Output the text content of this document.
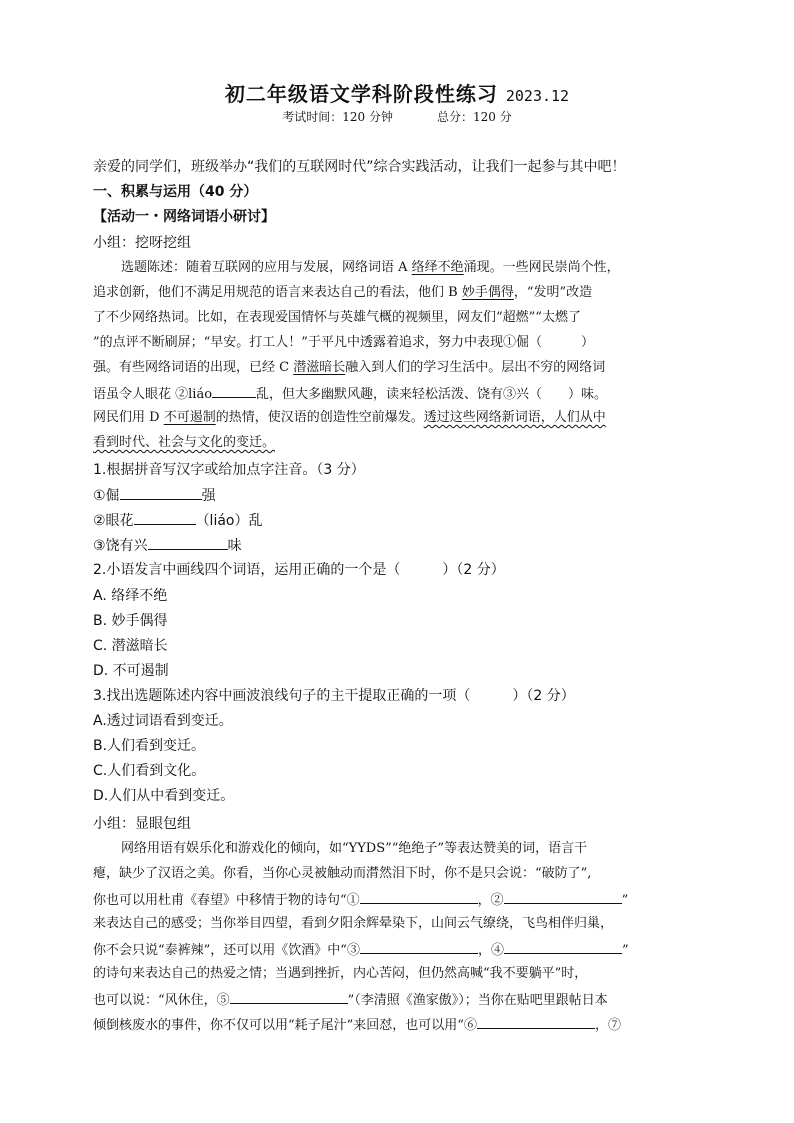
初二年级语文学科阶段性练习 2023.12
考试时间：120 分钟	总分：120 分
亲爱的同学们，班级举办“我们的互联网时代”综合实践活动，让我们一起参与其中吧！
一、积累与运用（40 分）
【活动一・网络词语小研讨】
小组：挖呀挖组
选题陈述：随着互联网的应用与发展，网络词语 A 络绎不绝涌现。一些网民崇尚个性，
追求创新，他们不满足用规范的语言来表达自己的看法，他们 B 妙手偶得，“发明”改造
了不少网络热词。比如，在表现爱国情怀与英雄气概的视频里，网友们“超燃”“太燃了
”的点评不断刷屏；“早安。打工人！”于平凡中透露着追求，努力中表现①倔（　　　）
强。有些网络词语的出现，已经 C 潜滋暗长融入到人们的学习生活中。层出不穷的网络词
语虽令人眼花 ②liáo	乱，但大多幽默风趣，读来轻松活泼、饶有③兴（　　）味。
网民们用 D 不可遏制的热情，使汉语的创造性空前爆发。透过这些网络新词语，人们从中
看到时代、社会与文化的变迁。
1.根据拼音写汉字或给加点字注音。（3 分）
①倔	强
②眼花	（liáo）乱
③饶有兴	味
2.小语发言中画线四个词语，运用正确的一个是（　　　）（2 分）
A. 络绎不绝
B. 妙手偶得
C. 潜滋暗长
D. 不可遏制
3.找出选题陈述内容中画波浪线句子的主干提取正确的一项（　　　）（2 分）
A.透过词语看到变迁。
B.人们看到变迁。
C.人们看到文化。
D.人们从中看到变迁。
小组：显眼包组
网络用语有娱乐化和游戏化的倾向，如“YYDS”“绝绝子”等表达赞美的词，语言干
瘪，缺少了汉语之美。你看，当你心灵被触动而潸然泪下时，你不是只会说：“破防了”,
你也可以用杜甫《春望》中移情于物的诗句“①	，②	”
来表达自己的感受；当你举目四望，看到夕阳余辉晕染下，山间云气缭绕，飞鸟相伴归巢，
你不会只说“泰裤辣”，还可以用《饮酒》中“③	，④	”
的诗句来表达自己的热爱之情；当遇到挫折，内心苦闷，但仍然高喊“我不要躺平”时，
也可以说：“风休住，⑤	”（李清照《渔家傲》）；当你在贴吧里跟帖日本
倾倒核废水的事件，你不仅可以用“耗子尾汁”来回怼，也可以用“⑥	，⑦
